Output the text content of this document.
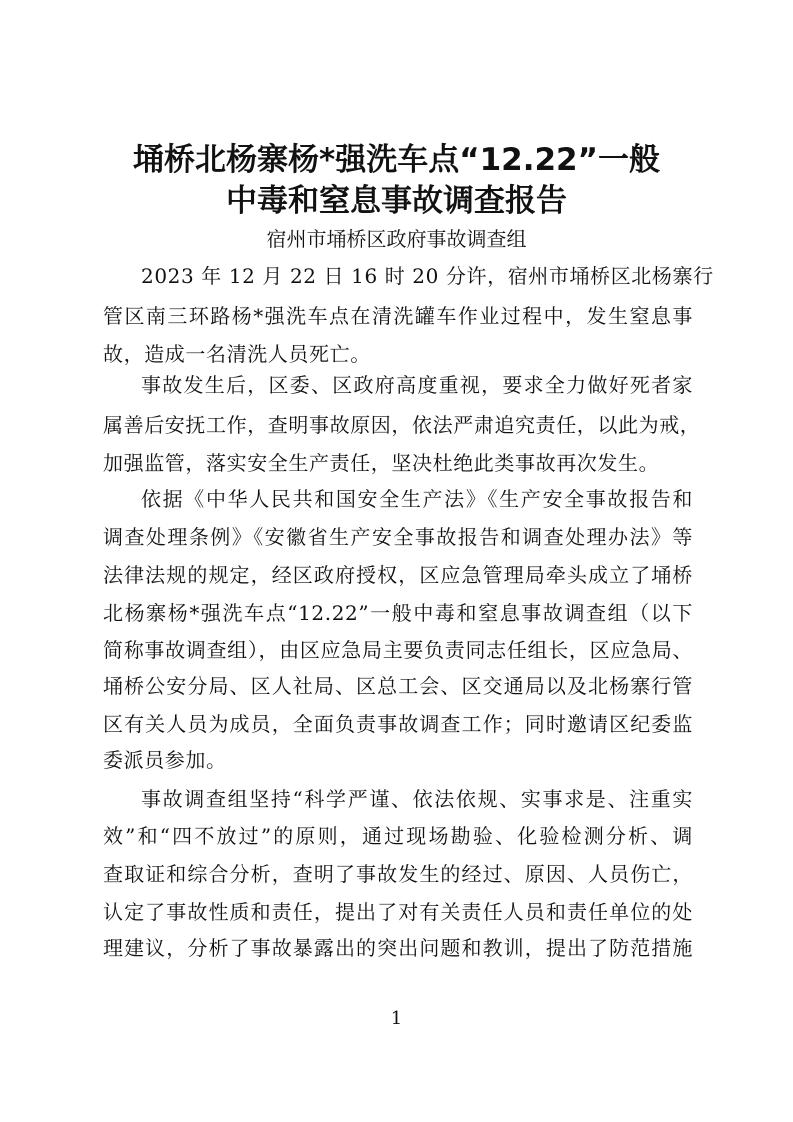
埇桥北杨寨杨*强洗车点“12.22”一般
中毒和窒息事故调查报告
宿州市埇桥区政府事故调查组
2023 年 12 月 22 日 16 时 20 分许，宿州市埇桥区北杨寨行
管区南三环路杨*强洗车点在清洗罐车作业过程中，发生窒息事
故，造成一名清洗人员死亡。
事故发生后，区委、区政府高度重视，要求全力做好死者家
属善后安抚工作，查明事故原因，依法严肃追究责任，以此为戒，
加强监管，落实安全生产责任，坚决杜绝此类事故再次发生。
依据《中华人民共和国安全生产法》《生产安全事故报告和
调查处理条例》《安徽省生产安全事故报告和调查处理办法》等
法律法规的规定，经区政府授权，区应急管理局牵头成立了埇桥
北杨寨杨*强洗车点“12.22”一般中毒和窒息事故调查组（以下
简称事故调查组），由区应急局主要负责同志任组长，区应急局、
埇桥公安分局、区人社局、区总工会、区交通局以及北杨寨行管
区有关人员为成员，全面负责事故调查工作；同时邀请区纪委监
委派员参加。
事故调查组坚持“科学严谨、依法依规、实事求是、注重实
效”和“四不放过”的原则，通过现场勘验、化验检测分析、调
查取证和综合分析，查明了事故发生的经过、原因、人员伤亡，
认定了事故性质和责任，提出了对有关责任人员和责任单位的处
理建议，分析了事故暴露出的突出问题和教训，提出了防范措施
1
